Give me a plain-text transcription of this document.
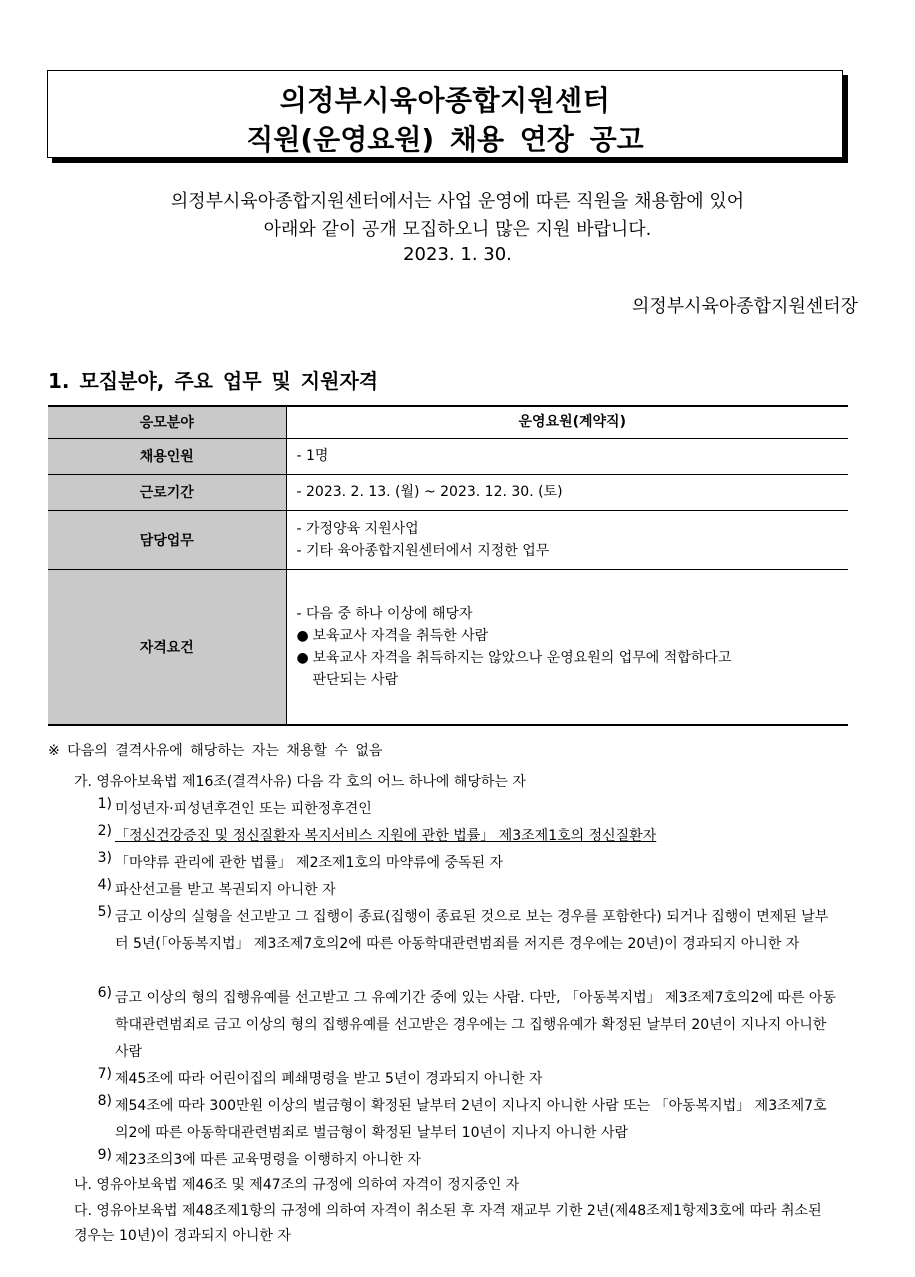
의정부시육아종합지원센터
직원(운영요원) 채용 연장 공고
의정부시육아종합지원센터에서는 사업 운영에 따른 직원을 채용함에 있어
아래와 같이 공개 모집하오니 많은 지원 바랍니다.
2023. 1. 30.
의정부시육아종합지원센터장
1. 모집분야, 주요 업무 및 지원자격
응모분야	운영요원(계약직)
채용인원	- 1명
근로기간	- 2023. 2. 13. (월) ~ 2023. 12. 30. (토)
담당업무	- 가정양육 지원사업
- 기타 육아종합지원센터에서 지정한 업무

자격요건	- 다음 중 하나 이상에 해당자
● 보육교사 자격을 취득한 사람
● 보육교사 자격을 취득하지는 않았으나 운영요원의 업무에 적합하다고
판단되는 사람
※ 다음의 결격사유에 해당하는 자는 채용할 수 없음
가. 영유아보육법 제16조(결격사유) 다음 각 호의 어느 하나에 해당하는 자
1) 미성년자·피성년후견인 또는 피한정후견인
2) 「정신건강증진 및 정신질환자 복지서비스 지원에 관한 법률」 제3조제1호의 정신질환자
3) 「마약류 관리에 관한 법률」 제2조제1호의 마약류에 중독된 자
4) 파산선고를 받고 복권되지 아니한 자
5) 금고 이상의 실형을 선고받고 그 집행이 종료(집행이 종료된 것으로 보는 경우를 포함한다) 되거나 집행이 면제된 날부터 5년(「아동복지법」 제3조제7호의2에 따른 아동학대관련범죄를 저지른 경우에는 20년)이 경과되지 아니한 자
6) 금고 이상의 형의 집행유예를 선고받고 그 유예기간 중에 있는 사람. 다만, 「아동복지법」 제3조제7호의2에 따른 아동학대관련범죄로 금고 이상의 형의 집행유예를 선고받은 경우에는 그 집행유예가 확정된 날부터 20년이 지나지 아니한 사람
7) 제45조에 따라 어린이집의 폐쇄명령을 받고 5년이 경과되지 아니한 자
8) 제54조에 따라 300만원 이상의 벌금형이 확정된 날부터 2년이 지나지 아니한 사람 또는 「아동복지법」 제3조제7호의2에 따른 아동학대관련범죄로 벌금형이 확정된 날부터 10년이 지나지 아니한 사람
9) 제23조의3에 따른 교육명령을 이행하지 아니한 자
나. 영유아보육법 제46조 및 제47조의 규정에 의하여 자격이 정지중인 자
다. 영유아보육법 제48조제1항의 규정에 의하여 자격이 취소된 후 자격 재교부 기한 2년(제48조제1항제3호에 따라 취소된 경우는 10년)이 경과되지 아니한 자
